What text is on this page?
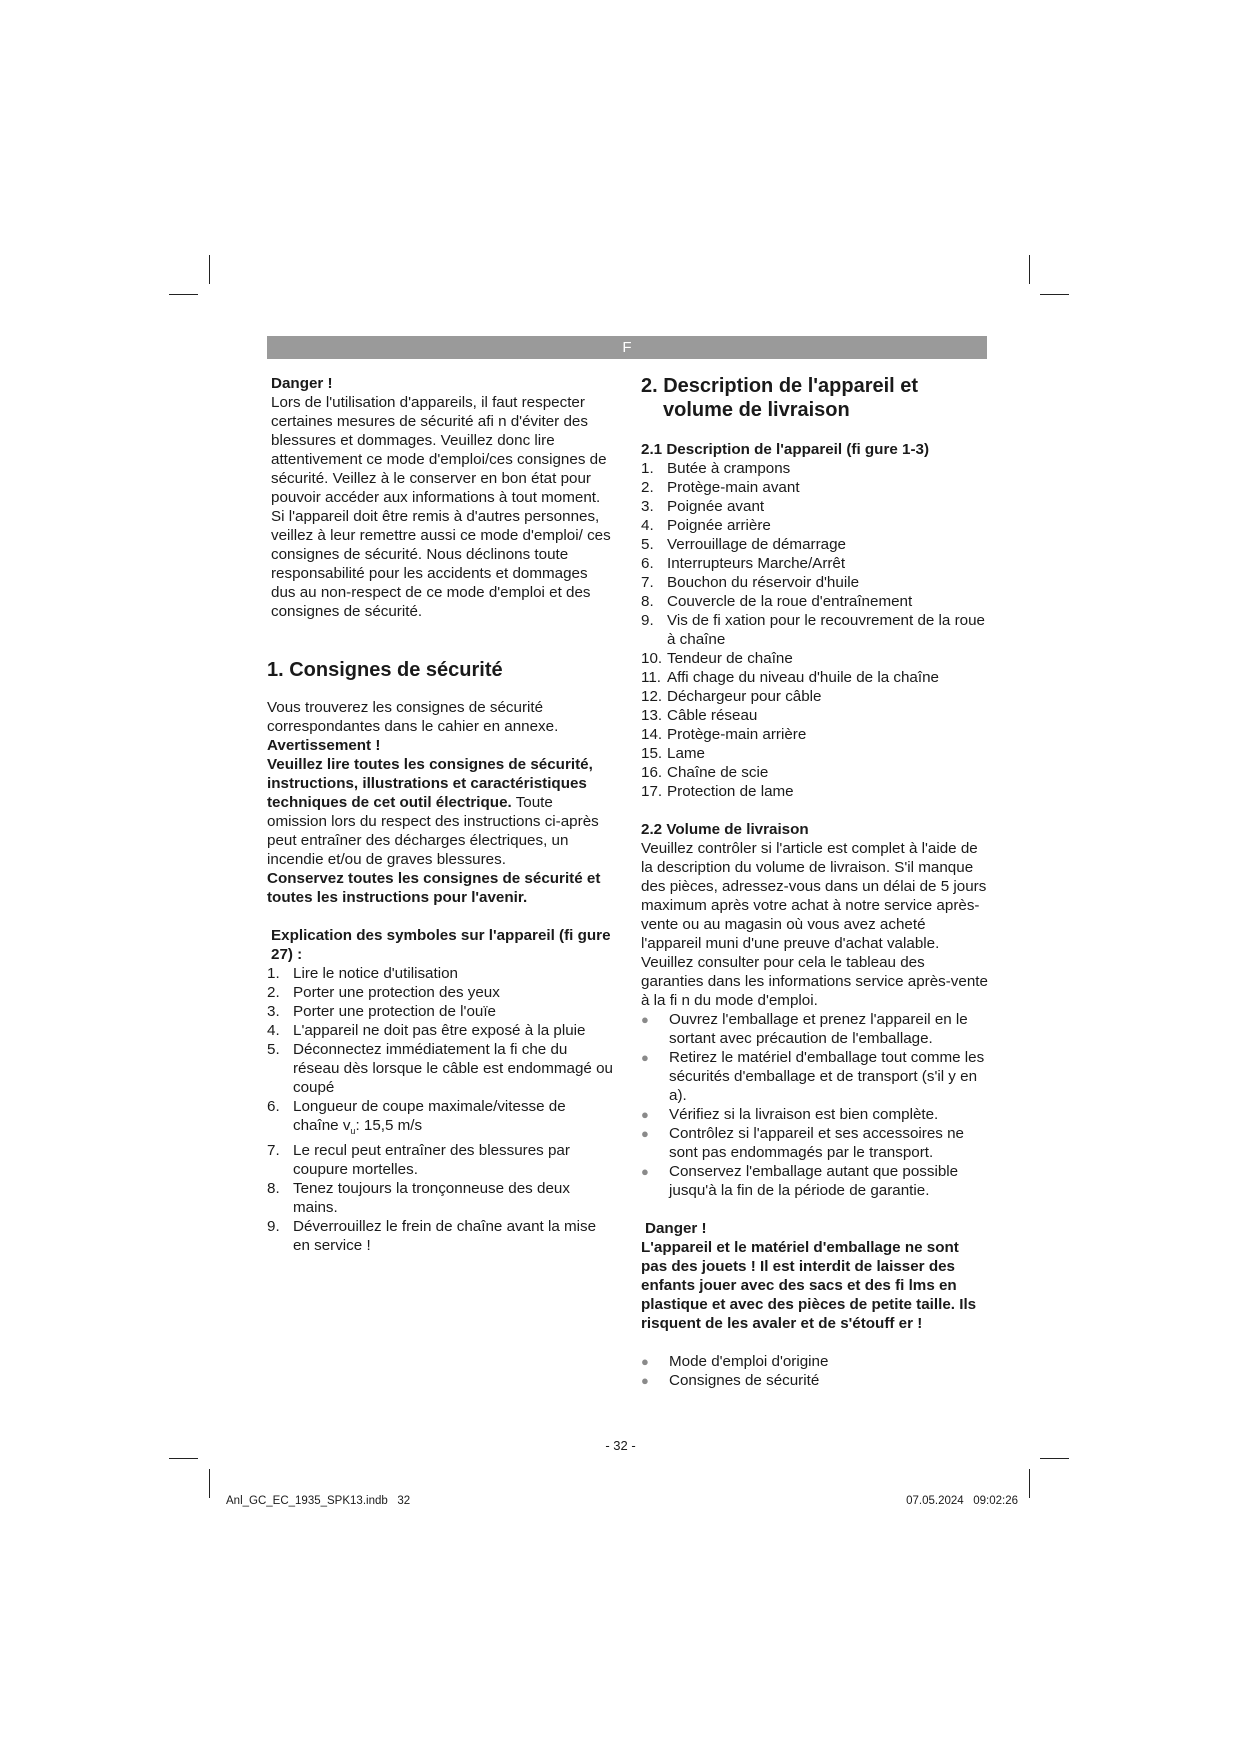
F

Danger !

Lors de l'utilisation d'appareils, il faut respecter certaines mesures de sécurité afi n d'éviter des blessures et dommages. Veuillez donc lire attentivement ce mode d'emploi/ces consignes de sécurité. Veillez à le conserver en bon état pour pouvoir accéder aux informations à tout moment. Si l'appareil doit être remis à d'autres personnes, veillez à leur remettre aussi ce mode d'emploi/ ces consignes de sécurité. Nous déclinons toute responsabilité pour les accidents et dommages dus au non-respect de ce mode d'emploi et des consignes de sécurité.

1. Consignes de sécurité

Vous trouverez les consignes de sécurité correspondantes dans le cahier en annexe.

Avertissement !

Veuillez lire toutes les consignes de sécurité, instructions, illustrations et caractéristiques techniques de cet outil électrique. Toute omission lors du respect des instructions ci-après peut entraîner des décharges électriques, un incendie et/ou de graves blessures.

Conservez toutes les consignes de sécurité et toutes les instructions pour l'avenir.

Explication des symboles sur l'appareil (fi gure 27) :

1. Lire le notice d'utilisation
2. Porter une protection des yeux
3. Porter une protection de l'ouïe
4. L'appareil ne doit pas être exposé à la pluie
5. Déconnectez immédiatement la fi che du réseau dès lorsque le câble est endommagé ou coupé
6. Longueur de coupe maximale/vitesse de chaîne $v_u$: 15,5 m/s
7. Le recul peut entraîner des blessures par coupure mortelles.
8. Tenez toujours la tronçonneuse des deux mains.
9. Déverrouillez le frein de chaîne avant la mise en service !

2. Description de l'appareil et volume de livraison

2.1 Description de l'appareil (fi gure 1-3)

1. Butée à crampons
2. Protège-main avant
3. Poignée avant
4. Poignée arrière
5. Verrouillage de démarrage
6. Interrupteurs Marche/Arrêt
7. Bouchon du réservoir d'huile
8. Couvercle de la roue d'entraînement
9. Vis de fi xation pour le recouvrement de la roue à chaîne
10. Tendeur de chaîne
11. Affi chage du niveau d'huile de la chaîne
12. Déchargeur pour câble
13. Câble réseau
14. Protège-main arrière
15. Lame
16. Chaîne de scie
17. Protection de lame

2.2 Volume de livraison

Veuillez contrôler si l'article est complet à l'aide de la description du volume de livraison. S'il manque des pièces, adressez-vous dans un délai de 5 jours maximum après votre achat à notre service après-vente ou au magasin où vous avez acheté l'appareil muni d'une preuve d'achat valable. Veuillez consulter pour cela le tableau des garanties dans les informations service après-vente à la fi n du mode d'emploi.

● Ouvrez l'emballage et prenez l'appareil en le sortant avec précaution de l'emballage.
● Retirez le matériel d'emballage tout comme les sécurités d'emballage et de transport (s'il y en a).
● Vérifiez si la livraison est bien complète.
● Contrôlez si l'appareil et ses accessoires ne sont pas endommagés par le transport.
● Conservez l'emballage autant que possible jusqu'à la fin de la période de garantie.

Danger !

L'appareil et le matériel d'emballage ne sont pas des jouets ! Il est interdit de laisser des enfants jouer avec des sacs et des fi lms en plastique et avec des pièces de petite taille. Ils risquent de les avaler et de s'étouff er !

● Mode d'emploi d'origine
● Consignes de sécurité
- 32 -
Anl_GC_EC_1935_SPK13.indb   32	07.05.2024   09:02:26
